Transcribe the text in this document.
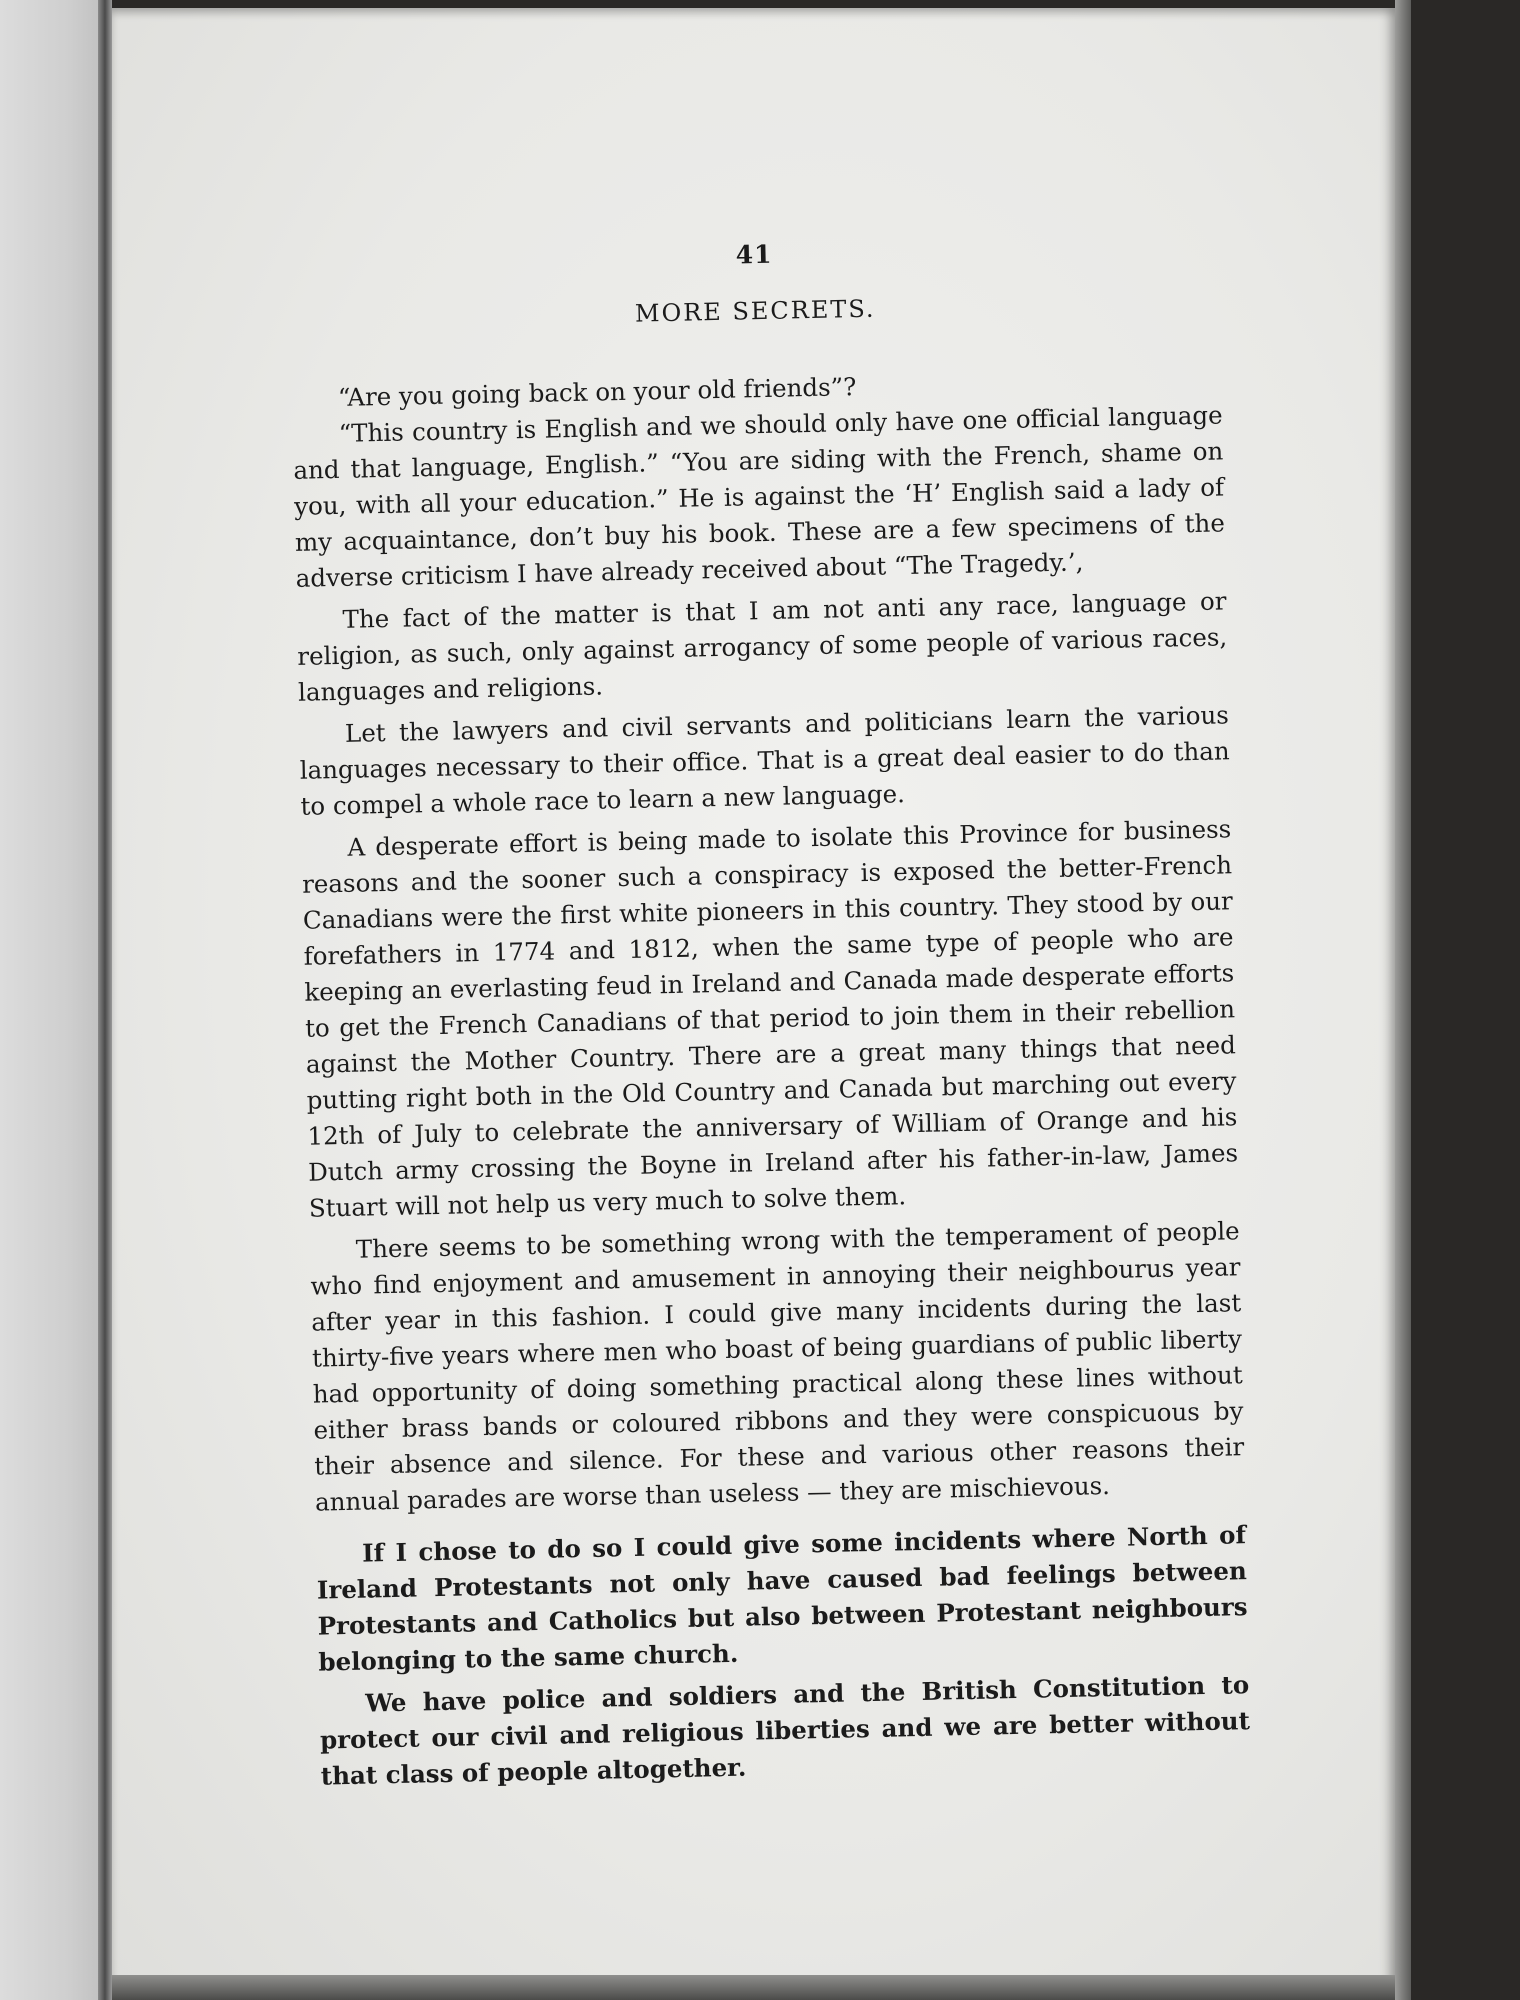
41
MORE SECRETS.

“Are you going back on your old friends”?

“This country is English and we should only have one official language and that language, English.” “You are siding with the French, shame on you, with all your education.” He is against the ‘H’ English said a lady of my acquaintance, don’t buy his book. These are a few specimens of the adverse criticism I have already received about “The Tragedy.’,

The fact of the matter is that I am not anti any race, language or religion, as such, only against arrogancy of some people of various races, languages and religions.

Let the lawyers and civil servants and politicians learn the various languages necessary to their office. That is a great deal easier to do than to compel a whole race to learn a new language.

A desperate effort is being made to isolate this Province for business reasons and the sooner such a conspiracy is exposed the better-French Canadians were the first white pioneers in this country. They stood by our forefathers in 1774 and 1812, when the same type of people who are keeping an everlasting feud in Ireland and Canada made desperate efforts to get the French Canadians of that period to join them in their rebellion against the Mother Country. There are a great many things that need putting right both in the Old Country and Canada but marching out every 12th of July to celebrate the anniversary of William of Orange and his Dutch army crossing the Boyne in Ireland after his father-in-law, James Stuart will not help us very much to solve them.

There seems to be something wrong with the temperament of people who find enjoyment and amusement in annoying their neighbourus year after year in this fashion. I could give many incidents during the last thirty-five years where men who boast of being guardians of public liberty had opportunity of doing something practical along these lines without either brass bands or coloured ribbons and they were conspicuous by their absence and silence. For these and various other reasons their annual parades are worse than useless — they are mischievous.

If I chose to do so I could give some incidents where North of Ireland Protestants not only have caused bad feelings between Protestants and Catholics but also between Protestant neighbours belonging to the same church.

We have police and soldiers and the British Constitution to protect our civil and religious liberties and we are better without that class of people altogether.
